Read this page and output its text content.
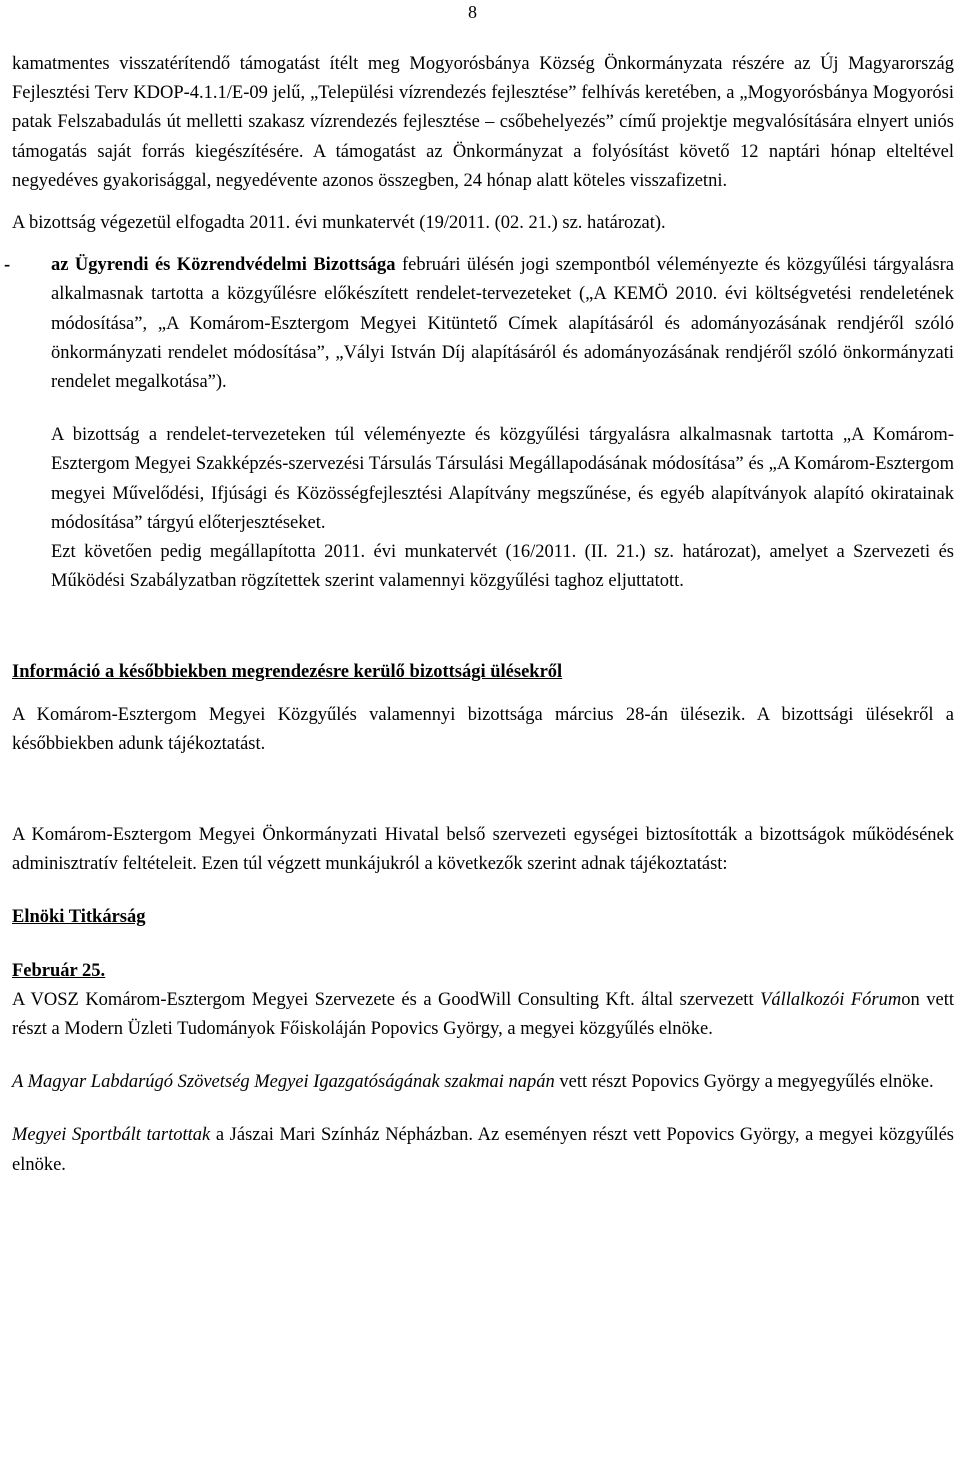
8

kamatmentes visszatérítendő támogatást ítélt meg Mogyorósbánya Község Önkormányzata részére az Új Magyarország Fejlesztési Terv KDOP-4.1.1/E-09 jelű, „Települési vízrendezés fejlesztése” felhívás keretében, a „Mogyorósbánya Mogyorósi patak Felszabadulás út melletti szakasz vízrendezés fejlesztése – csőbehelyezés” című projektje megvalósítására elnyert uniós támogatás saját forrás kiegészítésére. A támogatást az Önkormányzat a folyósítást követő 12 naptári hónap elteltével negyedéves gyakorisággal, negyedévente azonos összegben, 24 hónap alatt köteles visszafizetni.

A bizottság végezetül elfogadta 2011. évi munkatervét (19/2011. (02. 21.) sz. határozat).

- az Ügyrendi és Közrendvédelmi Bizottsága februári ülésén jogi szempontból véleményezte és közgyűlési tárgyalásra alkalmasnak tartotta a közgyűlésre előkészített rendelet-tervezeteket („A KEMÖ 2010. évi költségvetési rendeletének módosítása”, „A Komárom-Esztergom Megyei Kitüntető Címek alapításáról és adományozásának rendjéről szóló önkormányzati rendelet módosítása”, „Vályi István Díj alapításáról és adományozásának rendjéről szóló önkormányzati rendelet megalkotása”).

A bizottság a rendelet-tervezeteken túl véleményezte és közgyűlési tárgyalásra alkalmasnak tartotta „A Komárom-Esztergom Megyei Szakképzés-szervezési Társulás Társulási Megállapodásának módosítása” és „A Komárom-Esztergom megyei Művelődési, Ifjúsági és Közösségfejlesztési Alapítvány megszűnése, és egyéb alapítványok alapító okiratainak módosítása” tárgyú előterjesztéseket.

Ezt követően pedig megállapította 2011. évi munkatervét (16/2011. (II. 21.) sz. határozat), amelyet a Szervezeti és Működési Szabályzatban rögzítettek szerint valamennyi közgyűlési taghoz eljuttatott.

Információ a későbbiekben megrendezésre kerülő bizottsági ülésekről

A Komárom-Esztergom Megyei Közgyűlés valamennyi bizottsága március 28-án ülésezik. A bizottsági ülésekről a későbbiekben adunk tájékoztatást.

A Komárom-Esztergom Megyei Önkormányzati Hivatal belső szervezeti egységei biztosították a bizottságok működésének adminisztratív feltételeit. Ezen túl végzett munkájukról a következők szerint adnak tájékoztatást:

Elnöki Titkárság

Február 25.

A VOSZ Komárom-Esztergom Megyei Szervezete és a GoodWill Consulting Kft. által szervezett Vállalkozói Fórumon vett részt a Modern Üzleti Tudományok Főiskoláján Popovics György, a megyei közgyűlés elnöke.

A Magyar Labdarúgó Szövetség Megyei Igazgatóságának szakmai napán vett részt Popovics György a megyegyűlés elnöke.

Megyei Sportbált tartottak a Jászai Mari Színház Népházban. Az eseményen részt vett Popovics György, a megyei közgyűlés elnöke.
